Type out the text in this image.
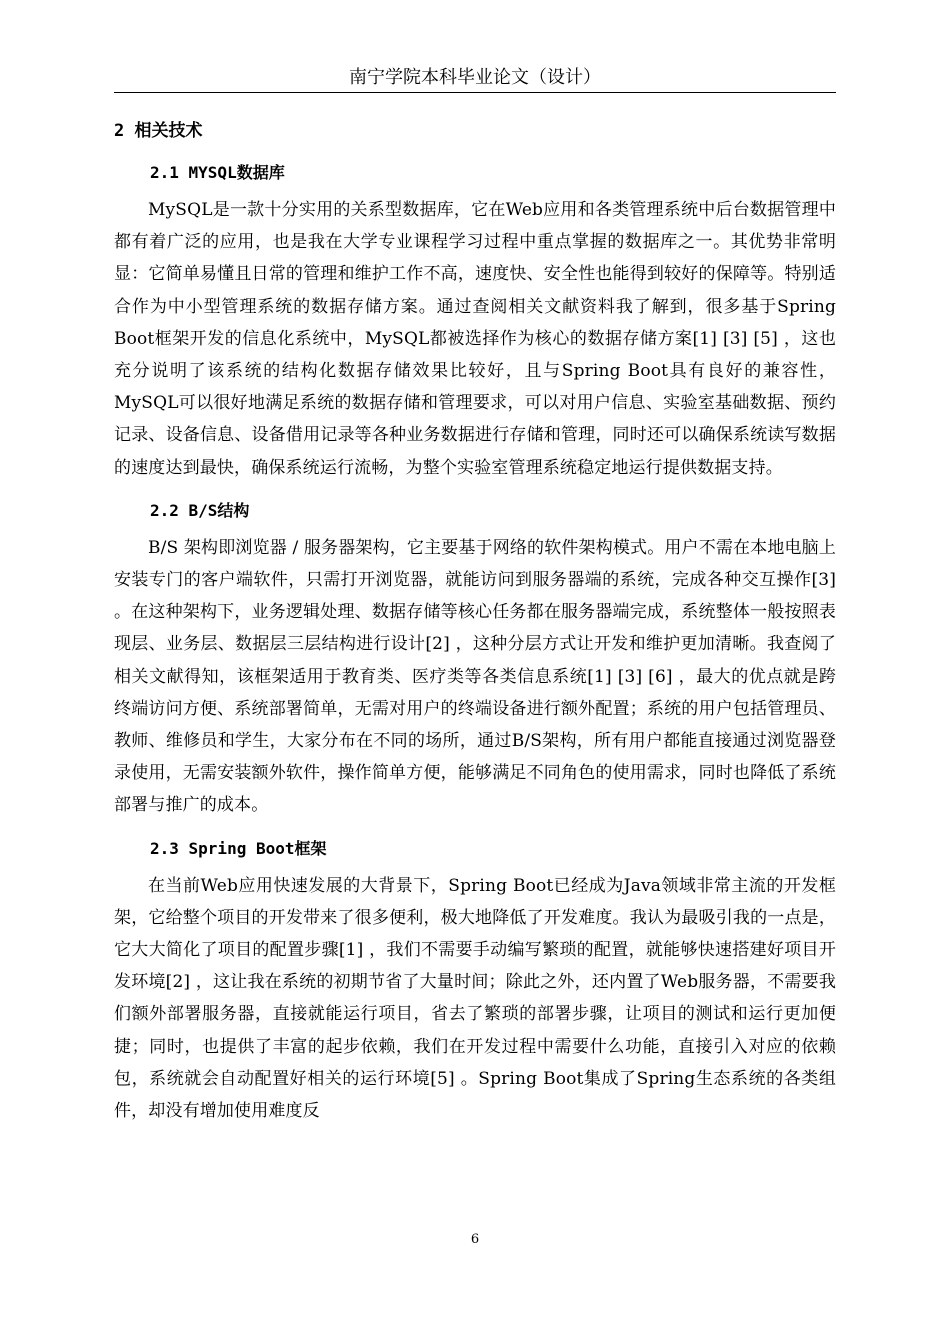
南宁学院本科毕业论文（设计）
2 相关技术
2.1 MYSQL数据库

MySQL是一款十分实用的关系型数据库，它在Web应用和各类管理系统中后台数据管理中都有着广泛的应用，也是我在大学专业课程学习过程中重点掌握的数据库之一。其优势非常明显：它简单易懂且日常的管理和维护工作不高，速度快、安全性也能得到较好的保障等。特别适合作为中小型管理系统的数据存储方案。通过查阅相关文献资料我了解到，很多基于Spring Boot框架开发的信息化系统中，MySQL都被选择作为核心的数据存储方案[1] [3] [5] ，这也充分说明了该系统的结构化数据存储效果比较好，且与Spring Boot具有良好的兼容性，MySQL可以很好地满足系统的数据存储和管理要求，可以对用户信息、实验室基础数据、预约记录、设备信息、设备借用记录等各种业务数据进行存储和管理，同时还可以确保系统读写数据的速度达到最快，确保系统运行流畅，为整个实验室管理系统稳定地运行提供数据支持。

2.2 B/S结构

B/S 架构即浏览器 / 服务器架构，它主要基于网络的软件架构模式。用户不需在本地电脑上安装专门的客户端软件，只需打开浏览器，就能访问到服务器端的系统，完成各种交互操作[3] 。在这种架构下，业务逻辑处理、数据存储等核心任务都在服务器端完成，系统整体一般按照表现层、业务层、数据层三层结构进行设计[2] ，这种分层方式让开发和维护更加清晰。我查阅了相关文献得知，该框架适用于教育类、医疗类等各类信息系统[1] [3] [6] ，最大的优点就是跨终端访问方便、系统部署简单，无需对用户的终端设备进行额外配置；系统的用户包括管理员、教师、维修员和学生，大家分布在不同的场所，通过B/S架构，所有用户都能直接通过浏览器登录使用，无需安装额外软件，操作简单方便，能够满足不同角色的使用需求，同时也降低了系统部署与推广的成本。

2.3 Spring Boot框架

在当前Web应用快速发展的大背景下，Spring Boot已经成为Java领域非常主流的开发框架，它给整个项目的开发带来了很多便利，极大地降低了开发难度。我认为最吸引我的一点是，它大大简化了项目的配置步骤[1] ，我们不需要手动编写繁琐的配置，就能够快速搭建好项目开发环境[2] ，这让我在系统的初期节省了大量时间；除此之外，还内置了Web服务器，不需要我们额外部署服务器，直接就能运行项目，省去了繁琐的部署步骤，让项目的测试和运行更加便捷；同时，也提供了丰富的起步依赖，我们在开发过程中需要什么功能，直接引入对应的依赖包，系统就会自动配置好相关的运行环境[5] 。Spring Boot集成了Spring生态系统的各类组件，却没有增加使用难度反

6
